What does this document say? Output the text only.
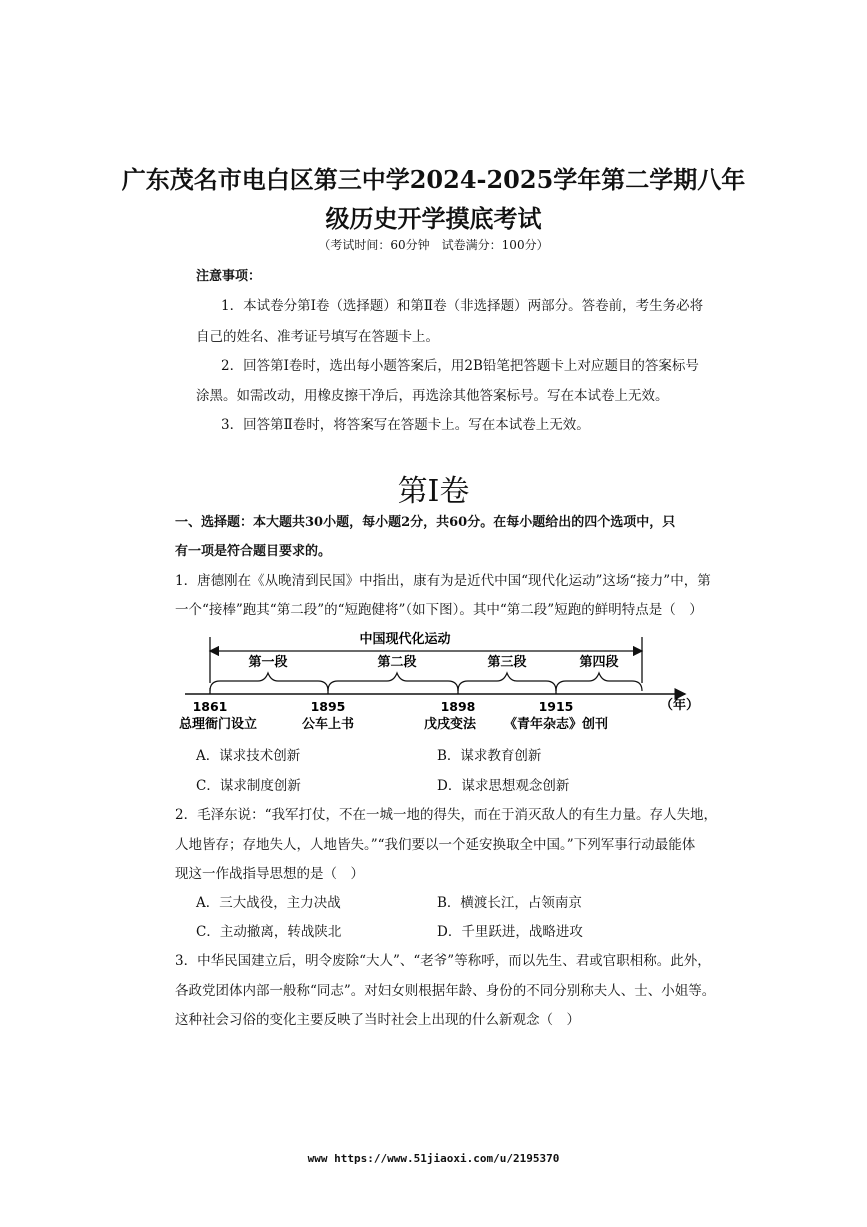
广东茂名市电白区第三中学2024-2025学年第二学期八年
级历史开学摸底考试
（考试时间：60分钟　试卷满分：100分）
注意事项：
1．本试卷分第Ⅰ卷（选择题）和第Ⅱ卷（非选择题）两部分。答卷前，考生务必将
自己的姓名、准考证号填写在答题卡上。
2．回答第Ⅰ卷时，选出每小题答案后，用2B铅笔把答题卡上对应题目的答案标号
涂黑。如需改动，用橡皮擦干净后，再选涂其他答案标号。写在本试卷上无效。
3．回答第Ⅱ卷时，将答案写在答题卡上。写在本试卷上无效。
第Ⅰ卷
一、选择题：本大题共30小题，每小题2分，共60分。在每小题给出的四个选项中，只
有一项是符合题目要求的。
1．唐德刚在《从晚清到民国》中指出，康有为是近代中国“现代化运动”这场“接力”中，第
一个“接棒”跑其“第二段”的“短跑健将”（如下图）。其中“第二段”短跑的鲜明特点是（　）
中国现代化运动
第一段	第二段	第三段	第四段
1861	1895	1898	1915	（年）
总理衙门设立	公车上书	戊戌变法 《青年杂志》创刊
A．谋求技术创新	B．谋求教育创新
C．谋求制度创新	D．谋求思想观念创新
2．毛泽东说：“我军打仗，不在一城一地的得失，而在于消灭敌人的有生力量。存人失地，
人地皆存；存地失人，人地皆失。”“我们要以一个延安换取全中国。”下列军事行动最能体
现这一作战指导思想的是（　）
A．三大战役，主力决战	B．横渡长江，占领南京
C．主动撤离，转战陕北	D．千里跃进，战略进攻
3．中华民国建立后，明令废除“大人”、“老爷”等称呼，而以先生、君或官职相称。此外，
各政党团体内部一般称“同志”。对妇女则根据年龄、身份的不同分别称夫人、士、小姐等。
这种社会习俗的变化主要反映了当时社会上出现的什么新观念（　）
www https://www.51jiaoxi.com/u/2195370
